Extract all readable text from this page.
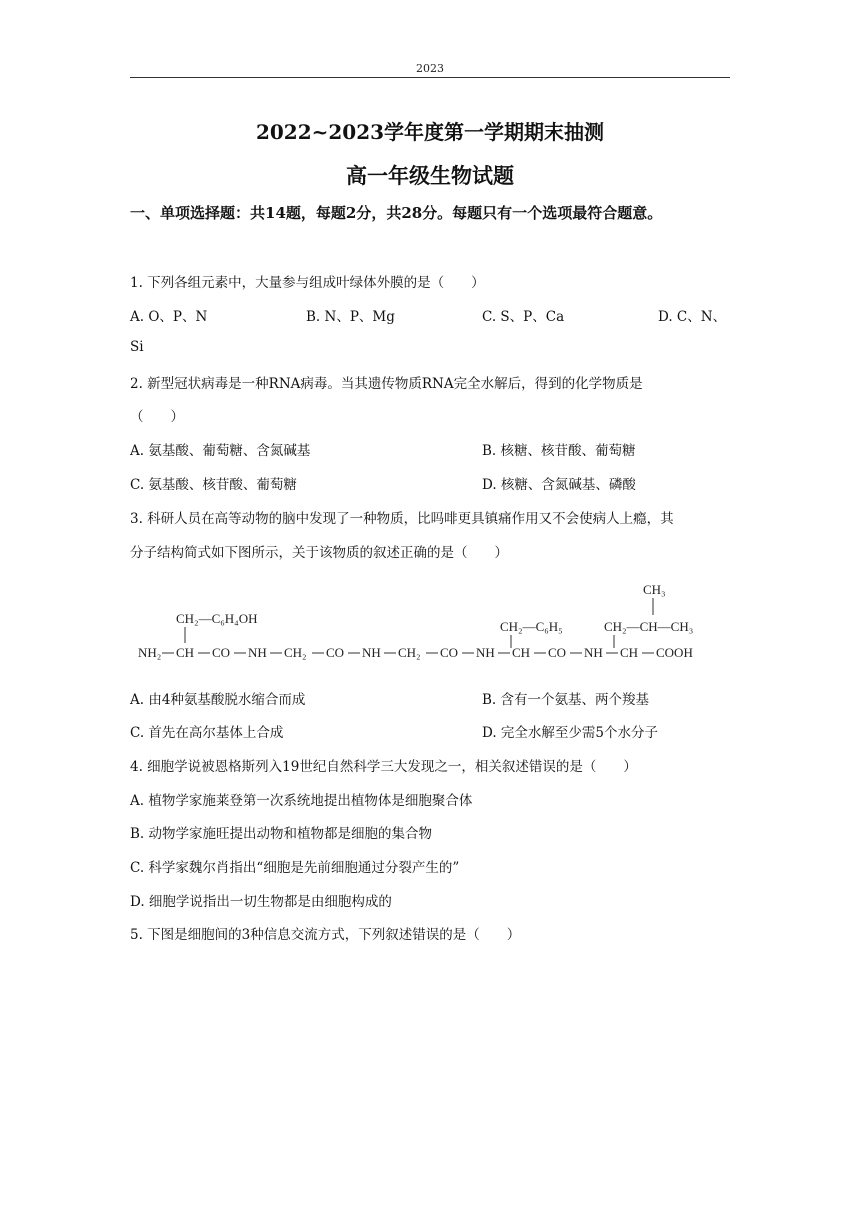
2023
2022~2023学年度第一学期期末抽测
高一年级生物试题
一、单项选择题：共14题，每题2分，共28分。每题只有一个选项最符合题意。
1. 下列各组元素中，大量参与组成叶绿体外膜的是（　　）
A. O、P、N	B. N、P、Mg	C. S、P、Ca	D. C、N、
Si
2. 新型冠状病毒是一种RNA病毒。当其遗传物质RNA完全水解后，得到的化学物质是
（　　）
A. 氨基酸、葡萄糖、含氮碱基	B. 核糖、核苷酸、葡萄糖
C. 氨基酸、核苷酸、葡萄糖	D. 核糖、含氮碱基、磷酸
3. 科研人员在高等动物的脑中发现了一种物质，比吗啡更具镇痛作用又不会使病人上瘾，其
分子结构简式如下图所示，关于该物质的叙述正确的是（　　）
CH₂—C₆H₄OH
CH₂—C₆H₅	CH₂—CH—CH₃
CH₃
NH₂ CH CO NH CH₂ CO NH CH₂ CO NH CH CO NH CH COOH
A. 由4种氨基酸脱水缩合而成	B. 含有一个氨基、两个羧基
C. 首先在高尔基体上合成	D. 完全水解至少需5个水分子
4. 细胞学说被恩格斯列入19世纪自然科学三大发现之一，相关叙述错误的是（　　）
A. 植物学家施莱登第一次系统地提出植物体是细胞聚合体
B. 动物学家施旺提出动物和植物都是细胞的集合物
C. 科学家魏尔肖指出“细胞是先前细胞通过分裂产生的”
D. 细胞学说指出一切生物都是由细胞构成的
5. 下图是细胞间的3种信息交流方式，下列叙述错误的是（　　）
